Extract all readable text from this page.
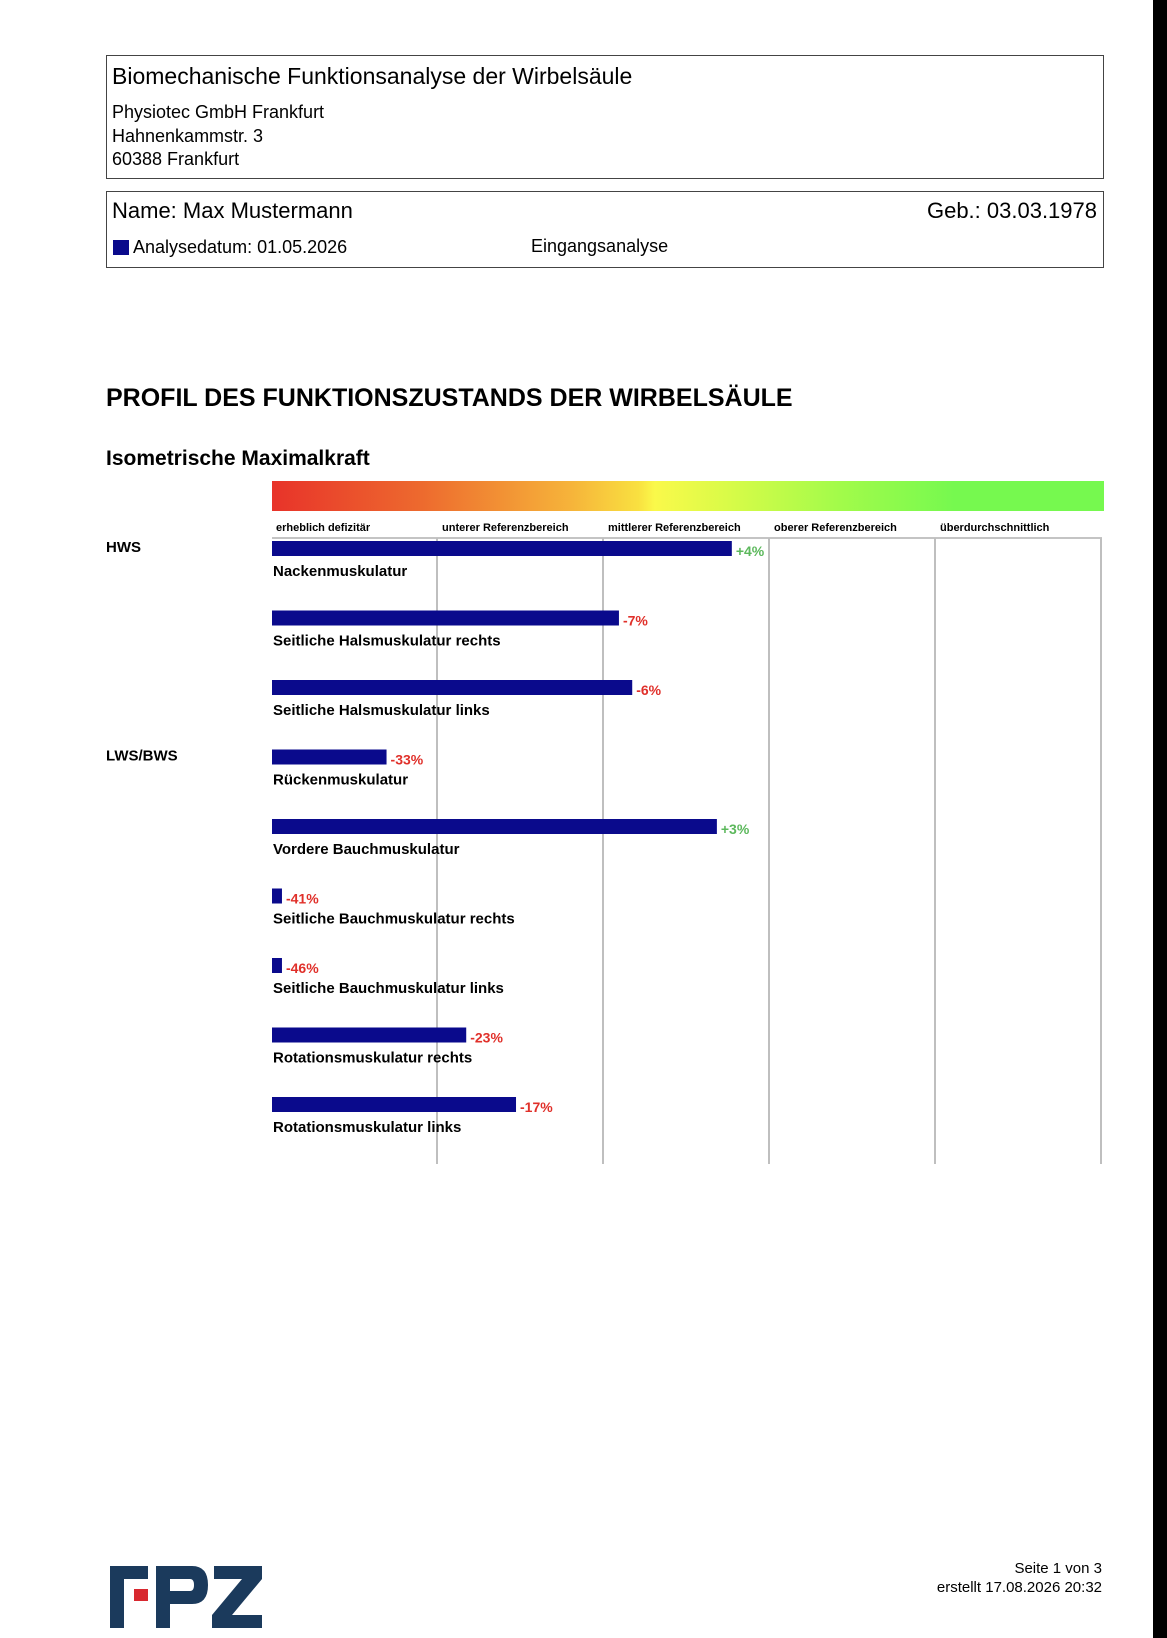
Biomechanische Funktionsanalyse der Wirbelsäule
Physiotec GmbH Frankfurt
Hahnenkammstr. 3
60388 Frankfurt
Name: Max Mustermann	Geb.: 03.03.1978
Analysedatum: 01.05.2026	Eingangsanalyse
PROFIL DES FUNKTIONSZUSTANDS DER WIRBELSÄULE
Isometrische Maximalkraft
erheblich defizitär	unterer Referenzbereich	mittlerer Referenzbereich	oberer Referenzbereich	überdurchschnittlich
HWS	+4%
Nackenmuskulatur
-7%
Seitliche Halsmuskulatur rechts
-6%
Seitliche Halsmuskulatur links
LWS/BWS	-33%
Rückenmuskulatur
+3%
Vordere Bauchmuskulatur
-41%
Seitliche Bauchmuskulatur rechts
-46%
Seitliche Bauchmuskulatur links
-23%
Rotationsmuskulatur rechts
-17%
Rotationsmuskulatur links
Seite 1 von 3
erstellt 17.08.2026 20:32
